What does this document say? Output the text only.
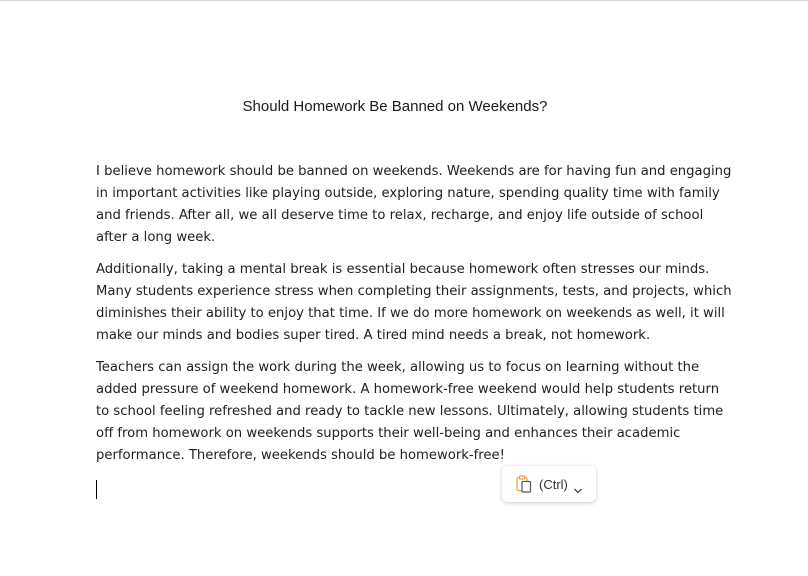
Should Homework Be Banned on Weekends?

I believe homework should be banned on weekends. Weekends are for having fun and engaging
in important activities like playing outside, exploring nature, spending quality time with family
and friends. After all, we all deserve time to relax, recharge, and enjoy life outside of school
after a long week.

Additionally, taking a mental break is essential because homework often stresses our minds.
Many students experience stress when completing their assignments, tests, and projects, which
diminishes their ability to enjoy that time. If we do more homework on weekends as well, it will
make our minds and bodies super tired. A tired mind needs a break, not homework.

Teachers can assign the work during the week, allowing us to focus on learning without the
added pressure of weekend homework. A homework-free weekend would help students return
to school feeling refreshed and ready to tackle new lessons. Ultimately, allowing students time
off from homework on weekends supports their well-being and enhances their academic
performance. Therefore, weekends should be homework-free!

(Ctrl)
